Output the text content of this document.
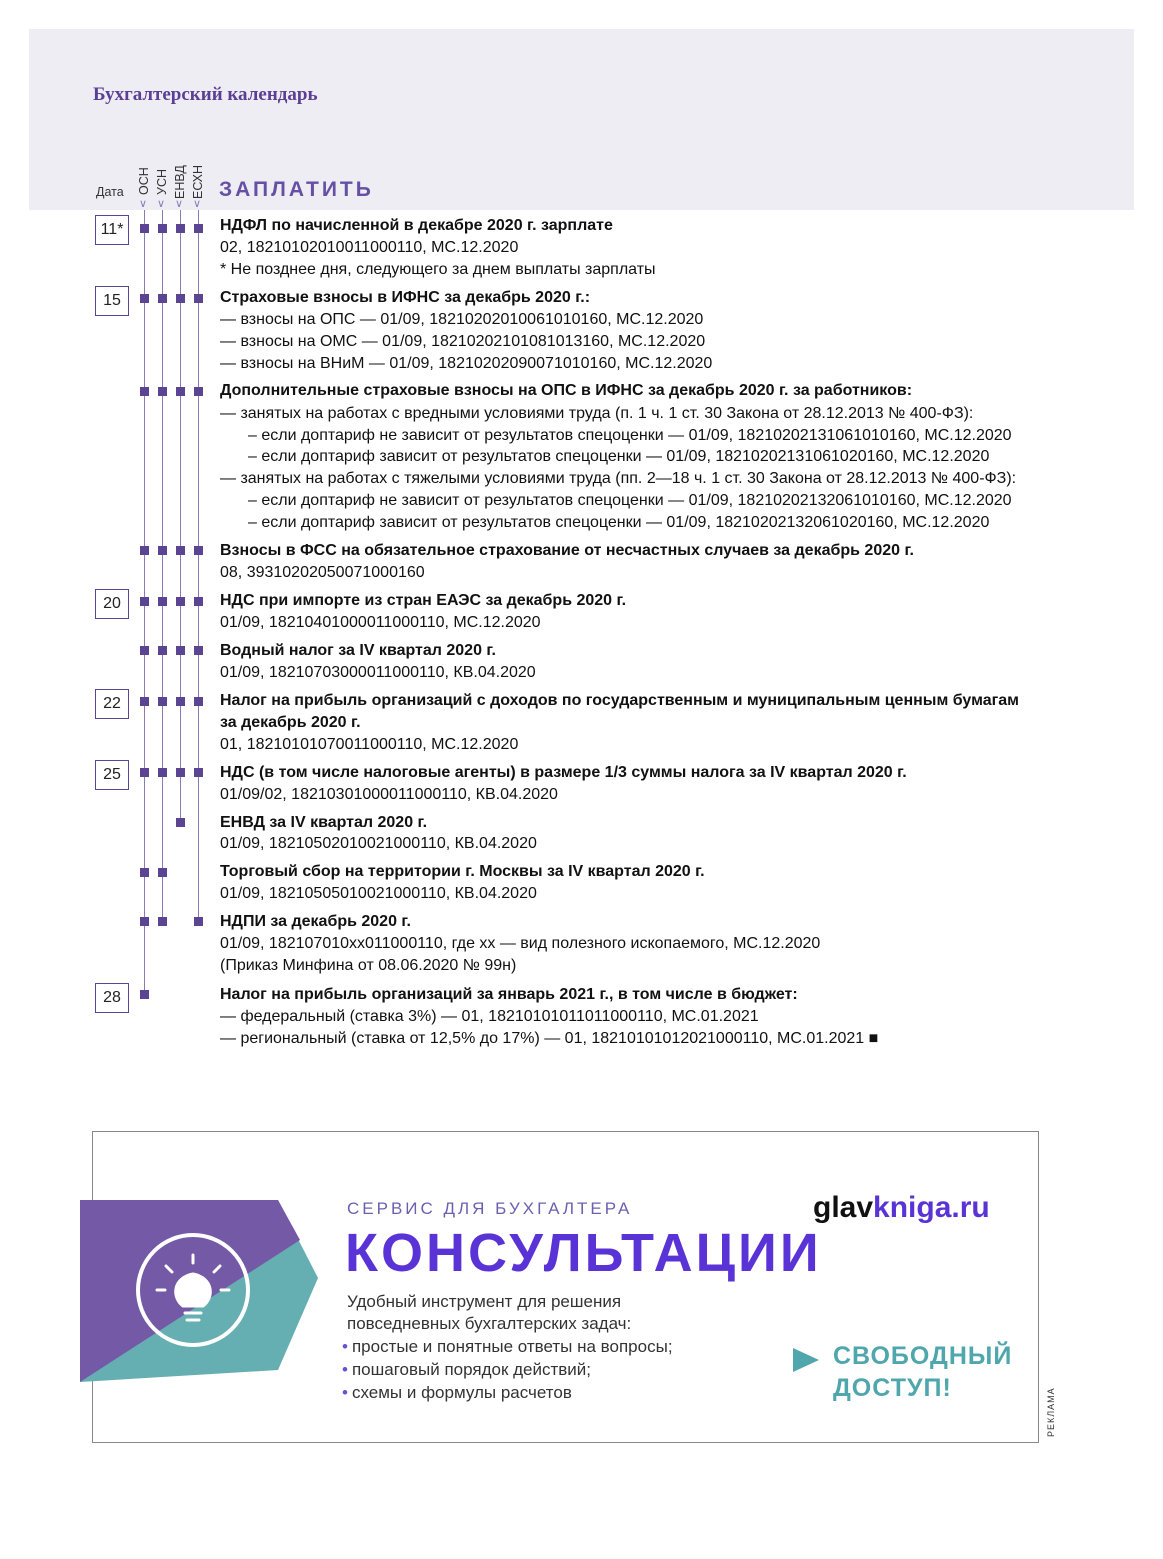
Бухгалтерский календарь
ЗАПЛАТИТЬ
Дата ОСН УСН ЕНВД ЕСХН
∨ ∨ ∨ ∨
11*
15
20
22
25
28
НДФЛ по начисленной в декабре 2020 г. зарплате
02, 18210102010011000110, МС.12.2020
* Не позднее дня, следующего за днем выплаты зарплаты
Страховые взносы в ИФНС за декабрь 2020 г.:
— взносы на ОПС — 01/09, 18210202010061010160, МС.12.2020
— взносы на ОМС — 01/09, 18210202101081013160, МС.12.2020
— взносы на ВНиМ — 01/09, 18210202090071010160, МС.12.2020
Дополнительные страховые взносы на ОПС в ИФНС за декабрь 2020 г. за работников:
— занятых на работах с вредными условиями труда (п. 1 ч. 1 ст. 30 Закона от 28.12.2013 № 400-ФЗ):
– если доптариф не зависит от результатов спецоценки — 01/09, 18210202131061010160, МС.12.2020
– если доптариф зависит от результатов спецоценки — 01/09, 18210202131061020160, МС.12.2020
— занятых на работах с тяжелыми условиями труда (пп. 2—18 ч. 1 ст. 30 Закона от 28.12.2013 № 400-ФЗ):
– если доптариф не зависит от результатов спецоценки — 01/09, 18210202132061010160, МС.12.2020
– если доптариф зависит от результатов спецоценки — 01/09, 18210202132061020160, МС.12.2020
Взносы в ФСС на обязательное страхование от несчастных случаев за декабрь 2020 г.
08, 39310202050071000160
НДС при импорте из стран ЕАЭС за декабрь 2020 г.
01/09, 18210401000011000110, МС.12.2020
Водный налог за IV квартал 2020 г.
01/09, 18210703000011000110, КВ.04.2020
Налог на прибыль организаций с доходов по государственным и муниципальным ценным бумагам
за декабрь 2020 г.
01, 18210101070011000110, МС.12.2020
НДС (в том числе налоговые агенты) в размере 1/3 суммы налога за IV квартал 2020 г.
01/09/02, 18210301000011000110, КВ.04.2020
ЕНВД за IV квартал 2020 г.
01/09, 18210502010021000110, КВ.04.2020
Торговый сбор на территории г. Москвы за IV квартал 2020 г.
01/09, 18210505010021000110, КВ.04.2020
НДПИ за декабрь 2020 г.
01/09, 182107010хх011000110, где хх — вид полезного ископаемого, МС.12.2020
(Приказ Минфина от 08.06.2020 № 99н)
Налог на прибыль организаций за январь 2021 г., в том числе в бюджет:
— федеральный (ставка 3%) — 01, 18210101011011000110, МС.01.2021
— региональный (ставка от 12,5% до 17%) — 01, 18210101012021000110, МС.01.2021 ■
СЕРВИС ДЛЯ БУХГАЛТЕРА
КОНСУЛЬТАЦИИ
glavkniga.ru
Удобный инструмент для решения
повседневных бухгалтерских задач:
• простые и понятные ответы на вопросы;
• пошаговый порядок действий;
• схемы и формулы расчетов
СВОБОДНЫЙ
ДОСТУП!	РЕКЛАМА
